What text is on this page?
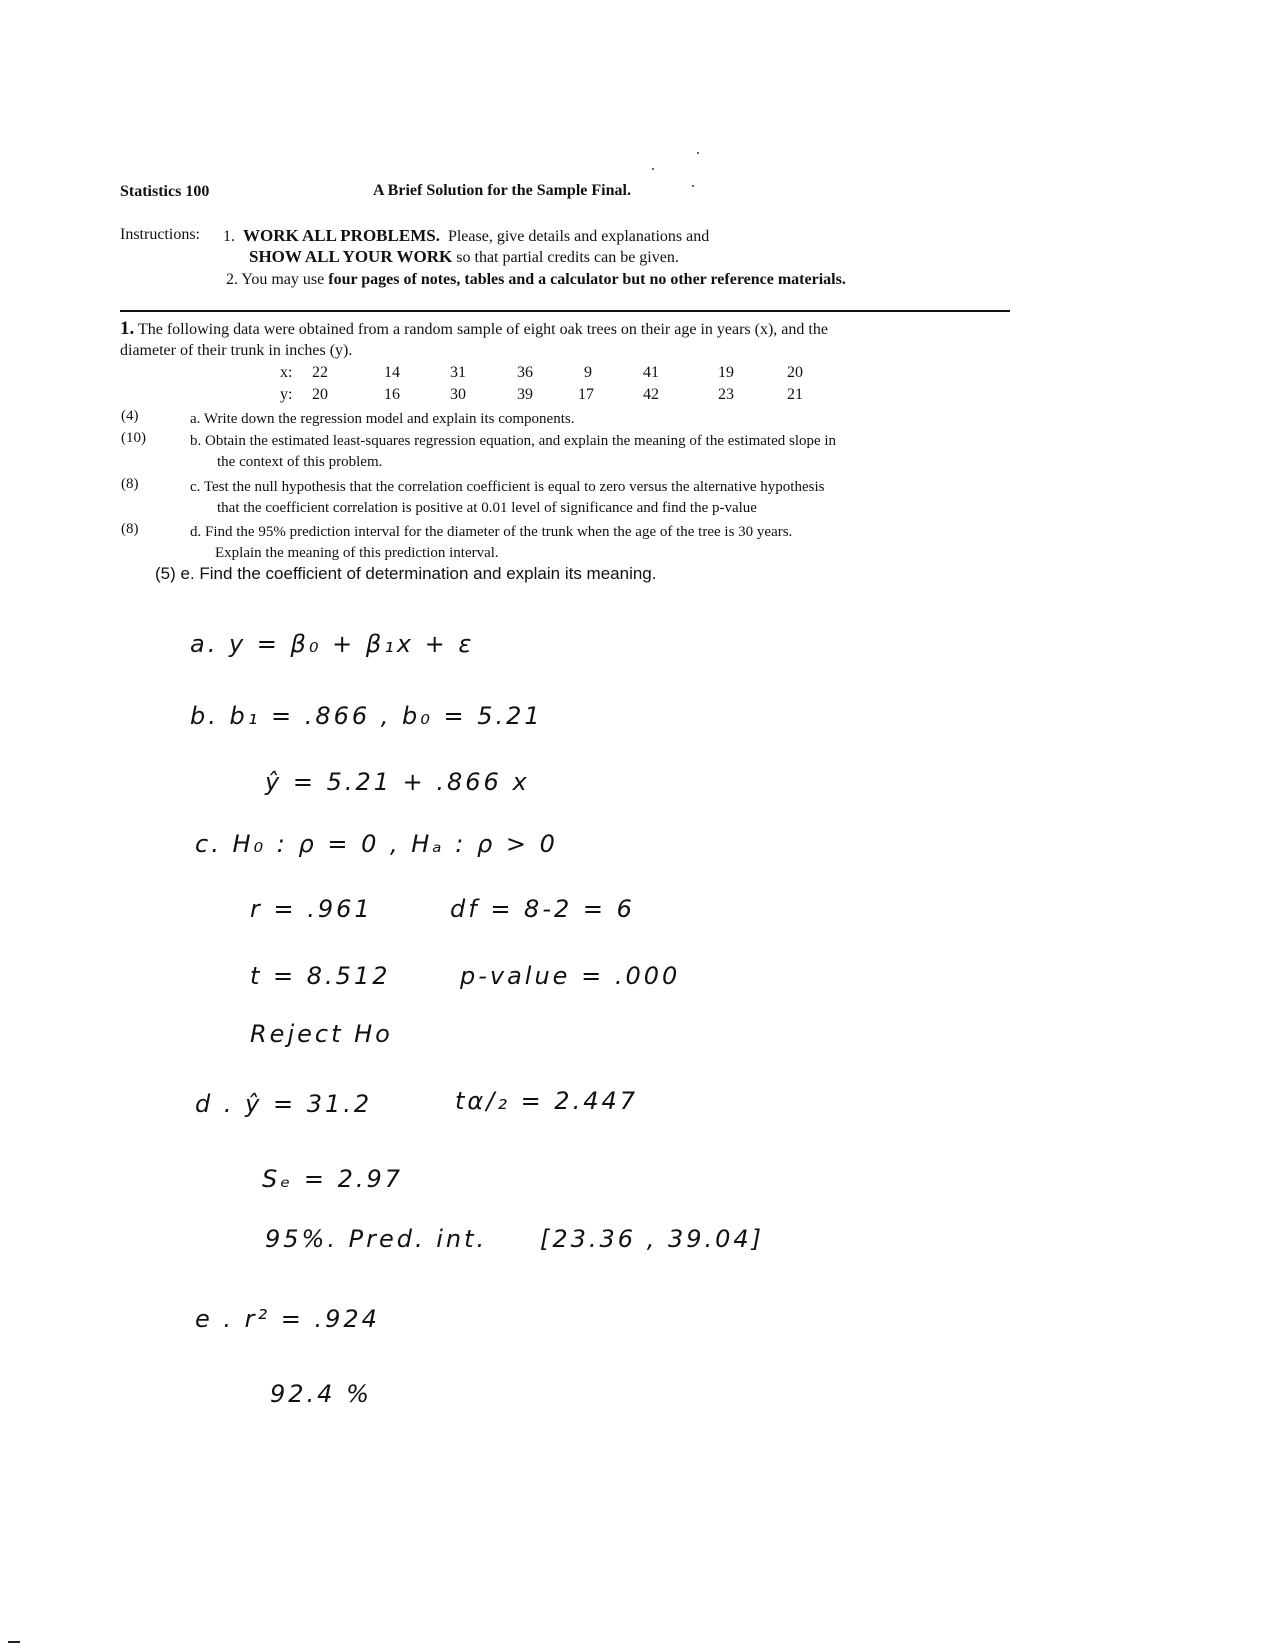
Statistics 100	A Brief Solution for the Sample Final.
Instructions: 1. WORK ALL PROBLEMS. Please, give details and explanations and
SHOW ALL YOUR WORK so that partial credits can be given.
2. You may use four pages of notes, tables and a calculator but no other reference materials.
1. The following data were obtained from a random sample of eight oak trees on their age in years (x), and the
diameter of their trunk in inches (y).
x: 22	14	31	36	9	41	19	20
y: 20	16	30	39	17	42	23	21
(4)	a. Write down the regression model and explain its components.
(10)	b. Obtain the estimated least-squares regression equation, and explain the meaning of the estimated slope in
the context of this problem.
(8)	c. Test the null hypothesis that the correlation coefficient is equal to zero versus the alternative hypothesis
that the coefficient correlation is positive at 0.01 level of significance and find the p-value
(8)	d. Find the 95% prediction interval for the diameter of the trunk when the age of the tree is 30 years.
Explain the meaning of this prediction interval.
(5) e. Find the coefficient of determination and explain its meaning.
a. y = β₀ + β₁x + ε
b. b₁ = .866 , b₀ = 5.21
ŷ = 5.21 + .866 x
c. H₀ : ρ = 0 , Hₐ : ρ > 0
r = .961	df = 8-2 = 6
t = 8.512	p-value = .000
Reject Ho
d . ŷ = 31.2	tα/₂ = 2.447
Sₑ = 2.97
95%. Pred. int. [23.36 , 39.04]
e . r² = .924
92.4 %
